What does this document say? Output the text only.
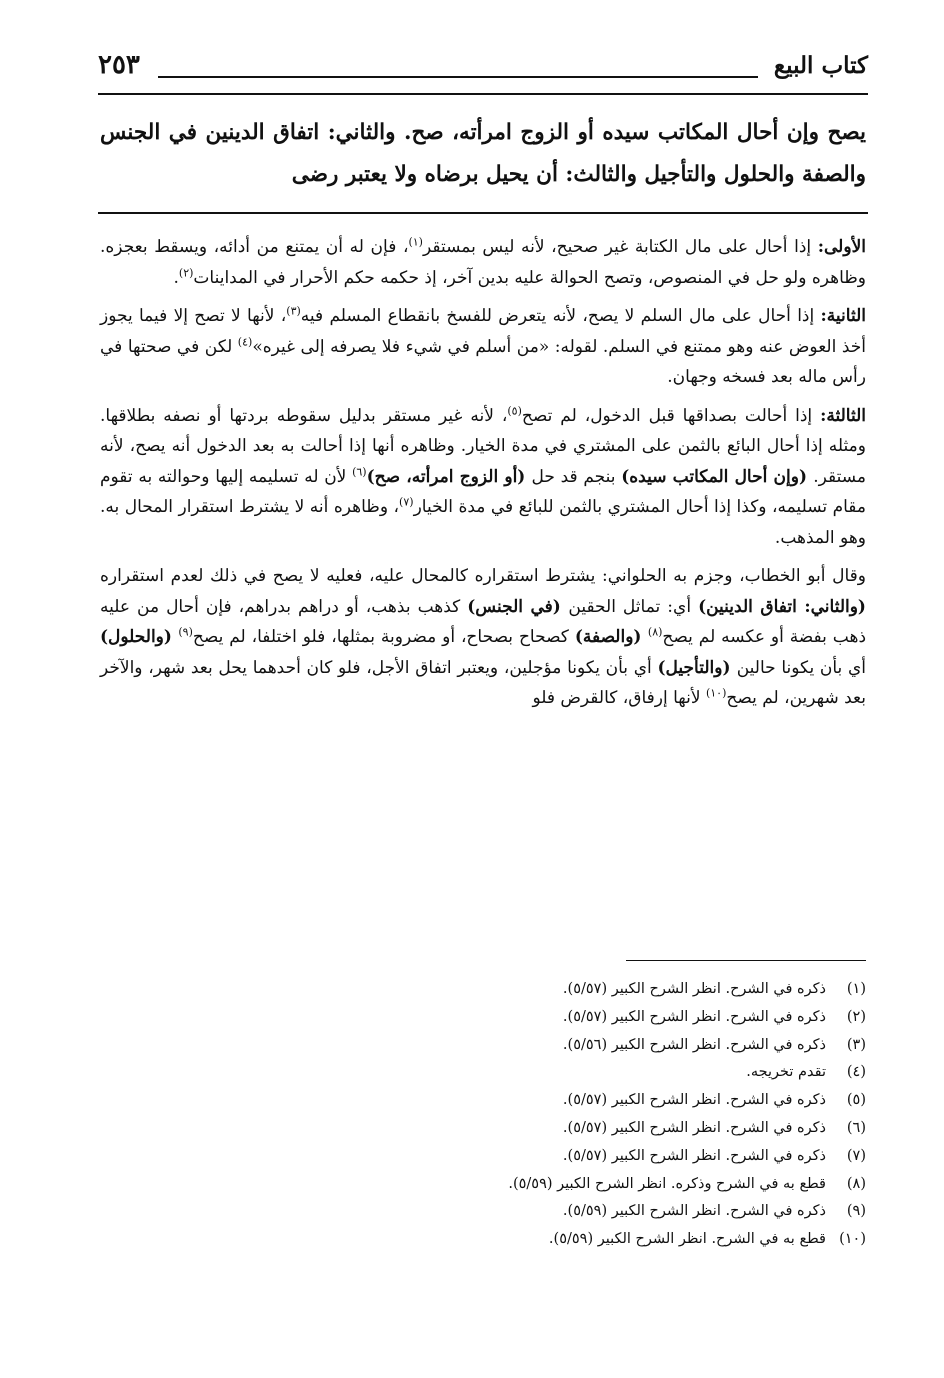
كتاب البيع
٢٥٣

يصح وإن أحال المكاتب سيده أو الزوج امرأته، صح. والثاني: اتفاق الدينين في الجنس والصفة والحلول والتأجيل والثالث: أن يحيل برضاه ولا يعتبر رضى

الأولى: إذا أحال على مال الكتابة غير صحيح، لأنه ليس بمستقر$^{(١)}$، فإن له أن يمتنع من أدائه، ويسقط بعجزه. وظاهره ولو حل في المنصوص، وتصح الحوالة عليه بدين آخر، إذ حكمه حكم الأحرار في المداينات$^{(٢)}$.

الثانية: إذا أحال على مال السلم لا يصح، لأنه يتعرض للفسخ بانقطاع المسلم فيه$^{(٣)}$، لأنها لا تصح إلا فيما يجوز أخذ العوض عنه وهو ممتنع في السلم. لقوله: «من أسلم في شيء فلا يصرفه إلى غيره»$^{(٤)}$ لكن في صحتها في رأس ماله بعد فسخه وجهان.

الثالثة: إذا أحالت بصداقها قبل الدخول، لم تصح$^{(٥)}$، لأنه غير مستقر بدليل سقوطه بردتها أو نصفه بطلاقها. ومثله إذا أحال البائع بالثمن على المشتري في مدة الخيار. وظاهره أنها إذا أحالت به بعد الدخول أنه يصح، لأنه مستقر. (وإن أحال المكاتب سيده) بنجم قد حل (أو الزوج امرأته، صح)$^{(٦)}$ لأن له تسليمه إليها وحوالته به تقوم مقام تسليمه، وكذا إذا أحال المشتري بالثمن للبائع في مدة الخيار$^{(٧)}$، وظاهره أنه لا يشترط استقرار المحال به. وهو المذهب.

وقال أبو الخطاب، وجزم به الحلواني: يشترط استقراره كالمحال عليه، فعليه لا يصح في ذلك لعدم استقراره (والثاني: اتفاق الدينين) أي: تماثل الحقين (في الجنس) كذهب بذهب، أو دراهم بدراهم، فإن أحال من عليه ذهب بفضة أو عكسه لم يصح$^{(٨)}$ (والصفة) كصحاح بصحاح، أو مضروبة بمثلها، فلو اختلفا، لم يصح$^{(٩)}$ (والحلول) أي بأن يكونا حالين (والتأجيل) أي بأن يكونا مؤجلين، ويعتبر اتفاق الأجل، فلو كان أحدهما يحل بعد شهر، والآخر بعد شهرين، لم يصح$^{(١٠)}$ لأنها إرفاق، كالقرض فلو

(١)
ذكره في الشرح. انظر الشرح الكبير (٥/٥٧).
(٢)
ذكره في الشرح. انظر الشرح الكبير (٥/٥٧).
(٣)
ذكره في الشرح. انظر الشرح الكبير (٥/٥٦).
(٤)
تقدم تخريجه.
(٥)
ذكره في الشرح. انظر الشرح الكبير (٥/٥٧).
(٦)
ذكره في الشرح. انظر الشرح الكبير (٥/٥٧).
(٧)
ذكره في الشرح. انظر الشرح الكبير (٥/٥٧).
(٨)
قطع به في الشرح وذكره. انظر الشرح الكبير (٥/٥٩).
(٩)
ذكره في الشرح. انظر الشرح الكبير (٥/٥٩).
(١٠)
قطع به في الشرح. انظر الشرح الكبير (٥/٥٩).
